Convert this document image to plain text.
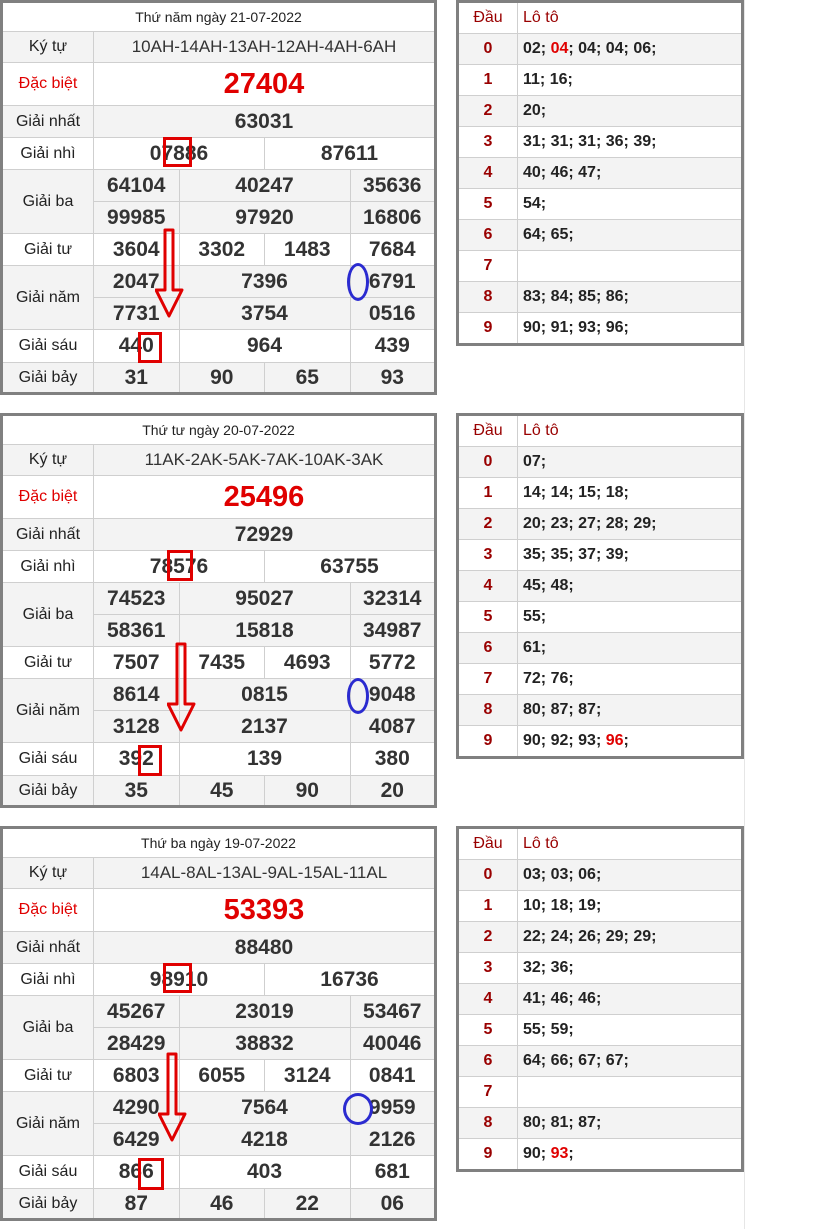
Thứ năm ngày 21-07-2022				
Ký tự	10AH-14AH-13AH-12AH-4AH-6AH			
Đặc biệt	27404			
Giải nhất	63031			
Giải nhì	07886		87611	
Giải ba	64104	40247		35636
	99985	97920		16806
Giải tư	3604	3302	1483	7684
Giải năm	2047	7396		6791
	7731	3754		0516
Giải sáu	440	964		439
Giải bảy	31	90	65	93
Đầu	Lô tô
0	02; 04; 04; 04; 06;
1	11; 16;
2	20;
3	31; 31; 31; 36; 39;
4	40; 46; 47;
5	54;
6	64; 65;
7	
8	83; 84; 85; 86;
9	90; 91; 93; 96;
Thứ tư ngày 20-07-2022				
Ký tự	11AK-2AK-5AK-7AK-10AK-3AK			
Đặc biệt	25496			
Giải nhất	72929			
Giải nhì	78576		63755	
Giải ba	74523	95027		32314
	58361	15818		34987
Giải tư	7507	7435	4693	5772
Giải năm	8614	0815		9048
	3128	2137		4087
Giải sáu	392	139		380
Giải bảy	35	45	90	20
Đầu	Lô tô
0	07;
1	14; 14; 15; 18;
2	20; 23; 27; 28; 29;
3	35; 35; 37; 39;
4	45; 48;
5	55;
6	61;
7	72; 76;
8	80; 87; 87;
9	90; 92; 93; 96;
Thứ ba ngày 19-07-2022				
Ký tự	14AL-8AL-13AL-9AL-15AL-11AL			
Đặc biệt	53393			
Giải nhất	88480			
Giải nhì	98910		16736	
Giải ba	45267	23019		53467
	28429	38832		40046
Giải tư	6803	6055	3124	0841
Giải năm	4290	7564		9959
	6429	4218		2126
Giải sáu	866	403		681
Giải bảy	87	46	22	06
Đầu	Lô tô
0	03; 03; 06;
1	10; 18; 19;
2	22; 24; 26; 29; 29;
3	32; 36;
4	41; 46; 46;
5	55; 59;
6	64; 66; 67; 67;
7	
8	80; 81; 87;
9	90; 93;
